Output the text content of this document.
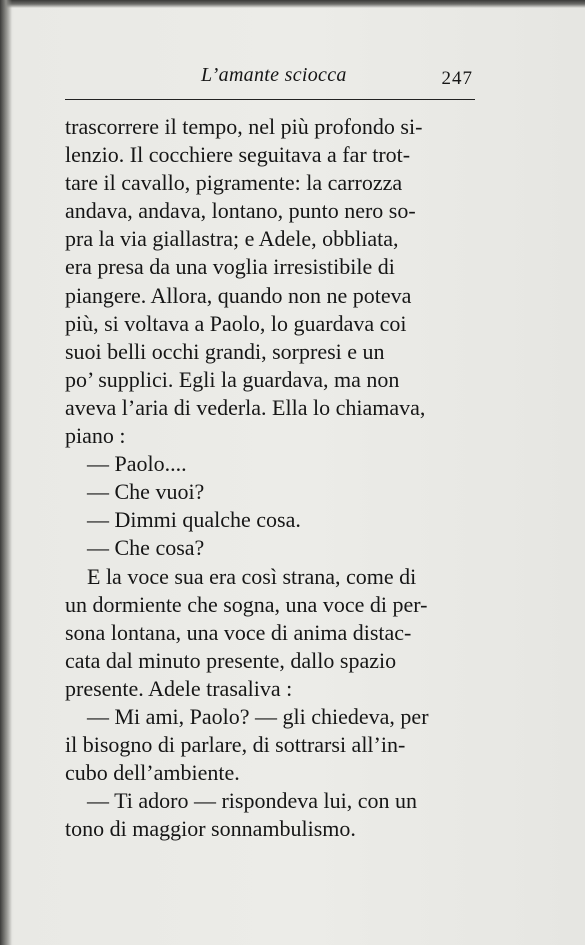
L’amante sciocca	247
trascorrere il tempo, nel più profondo si-
lenzio. Il cocchiere seguitava a far trot-
tare il cavallo, pigramente: la carrozza
andava, andava, lontano, punto nero so-
pra la via giallastra; e Adele, obbliata,
era presa da una voglia irresistibile di
piangere. Allora, quando non ne poteva
più, si voltava a Paolo, lo guardava coi
suoi belli occhi grandi, sorpresi e un
po’ supplici. Egli la guardava, ma non
aveva l’aria di vederla. Ella lo chiamava,
piano :
— Paolo....
— Che vuoi?
— Dimmi qualche cosa.
— Che cosa?
E la voce sua era così strana, come di
un dormiente che sogna, una voce di per-
sona lontana, una voce di anima distac-
cata dal minuto presente, dallo spazio
presente. Adele trasaliva :
— Mi ami, Paolo? — gli chiedeva, per
il bisogno di parlare, di sottrarsi all’in-
cubo dell’ambiente.
— Ti adoro — rispondeva lui, con un
tono di maggior sonnambulismo.
